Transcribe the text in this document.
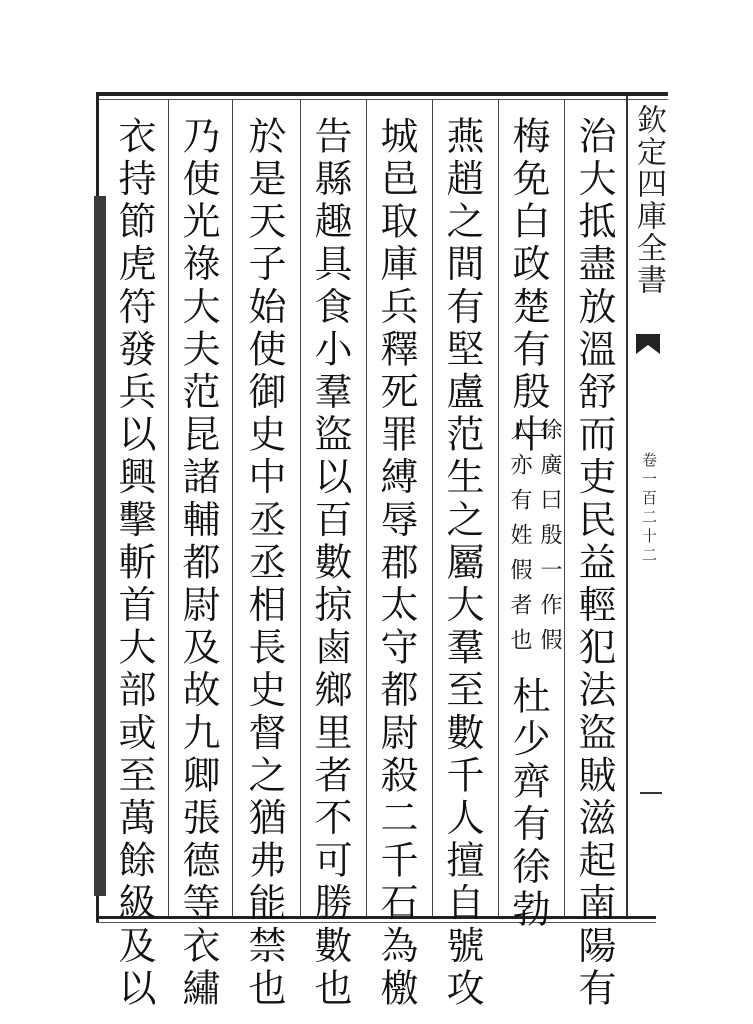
欽定四庫全書
卷一百二十二
治大抵盡放溫舒而吏民益輕犯法盜賊滋起南陽有
梅免白政楚有殷中
徐廣曰殷一作假
人亦有姓假者也
杜少齊有徐勃
燕趙之間有堅盧范生之屬大羣至數千人擅自號攻
城邑取庫兵釋死罪縛辱郡太守都尉殺二千石為檄
告縣趣具食小羣盜以百數掠鹵鄉里者不可勝數也
於是天子始使御史中丞丞相長史督之猶弗能禁也
乃使光祿大夫范昆諸輔都尉及故九卿張德等衣繡
衣持節虎符發兵以興擊斬首大部或至萬餘級及以
